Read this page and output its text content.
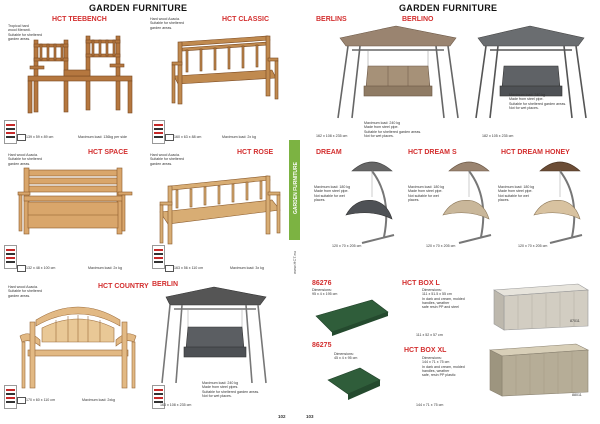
GARDEN FURNITURE
HCT TEEBENCH
Tropical hard
wood Meranti.
Suitable for sheltered
garden areas.
139 x 59 x 89 cm	Maximum load: 136kg per side
HCT CLASSIC
Hard wood Acacia.
Suitable for sheltered
garden areas.
160 x 63 x 88 cm	Maximum load: 2x kg
HCT SPACE
Hard wood Acacia.
Suitable for sheltered
garden areas.
132 x 48 x 100 cm	Maximum load: 2x kg
HCT ROSE
Hard wood Acacia.
Suitable for sheltered
garden areas.
163 x 56 x 110 cm	Maximum load: 3x kg
HCT COUNTRY
Hard wood Acacia.
Suitable for sheltered
garden areas.
170 x 60 x 110 cm	Maximum load: 2xkg
BERLIN
Maximum load: 240 kg
Made from steel pipes.
Suitable for sheltered garden areas.
Not for wet places.
163 x 108 x 235 cm
102
GARDEN FURNITURE
www.HCT.eu
GARDEN FURNITURE
BERLINS
Maximum load: 240 kg
Made from steel pipe.
Suitable for sheltered garden areas.
Not for wet places.
162 x 108 x 235 cm
BERLINO
Maximum load: 240 kg
Made from steel pipe.
Suitable for sheltered garden areas.
Not for wet places.
182 x 105 x 235 cm
DREAM
Maximum load: 180 kg
Made from steel pipe.
Not suitable for wet
places.
120 x 70 x 205 cm
HCT DREAM S
Maximum load: 180 kg
Made from steel pipe.
Not suitable for wet
places.
120 x 70 x 205 cm
HCT DREAM HONEY
Maximum load: 180 kg
Made from steel pipe.
Not suitable for wet
places.
120 x 70 x 205 cm
86276
Dimensions:
95 x 4 x 195 cm
86275
Dimensions:
45 x 4 x 95 cm
HCT BOX L
Dimensions:
111 x 51.5 x 55 cm
In dark and cream, molded
handles, weather
safe resin PP and steel
87011
111 x 52 x 57 cm
HCT BOX XL
Dimensions:
144 x 71 x 75 cm
In dark and cream, molded
handles, weather
safe, resin PP plastic
88011
144 x 71 x 75 cm
103
